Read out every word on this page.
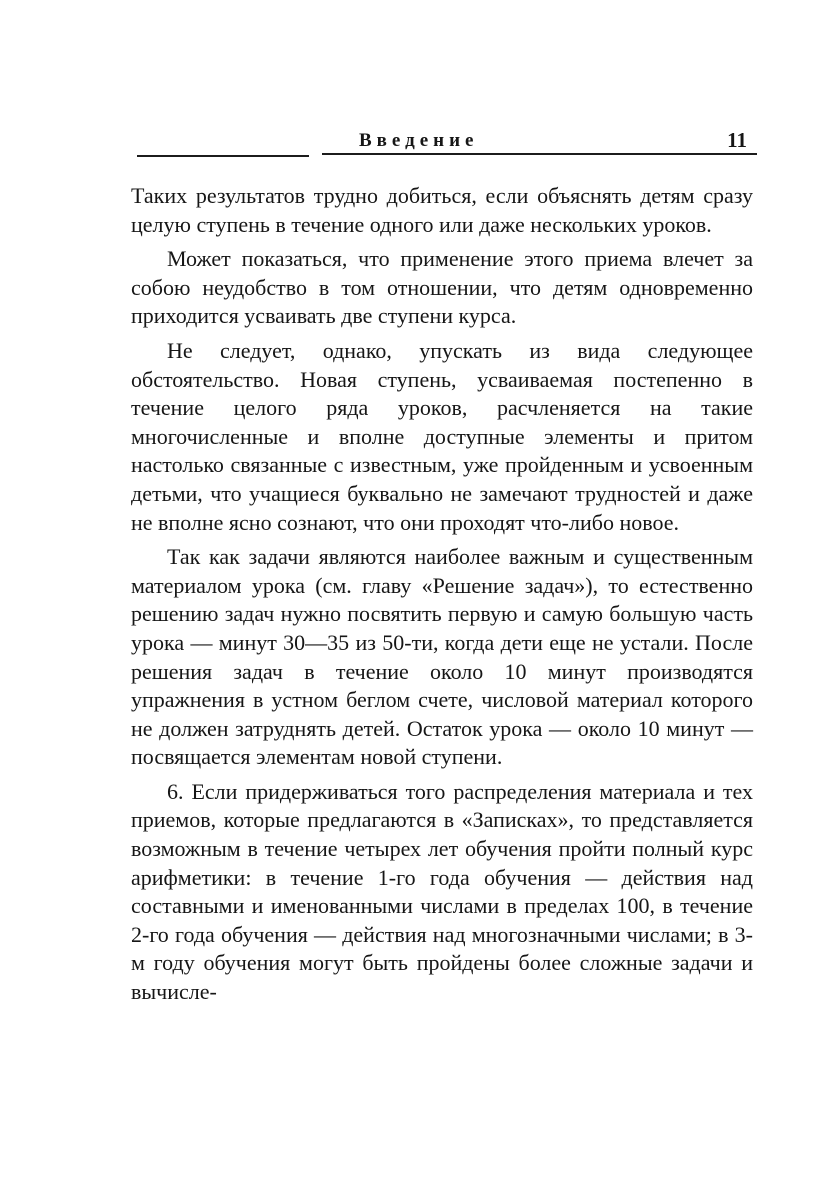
Введение	11

Таких результатов трудно добиться, если объяснять детям сразу целую ступень в течение одного или даже нескольких уроков.

Может показаться, что применение этого приема влечет за собою неудобство в том отношении, что детям одновременно приходится усваивать две ступени курса.

Не следует, однако, упускать из вида следующее обстоятельство. Новая ступень, усваиваемая постепенно в течение целого ряда уроков, расчленяется на такие многочисленные и вполне доступные элементы и притом настолько связанные с известным, уже пройденным и усвоенным детьми, что учащиеся буквально не замечают трудностей и даже не вполне ясно сознают, что они проходят что-либо новое.

Так как задачи являются наиболее важным и существенным материалом урока (см. главу «Решение задач»), то естественно решению задач нужно посвятить первую и самую большую часть урока — минут 30—35 из 50-ти, когда дети еще не устали. После решения задач в течение около 10 минут производятся упражнения в устном беглом счете, числовой материал которого не должен затруднять детей. Остаток урока — около 10 минут — посвящается элементам новой ступени.

6. Если придерживаться того распределения материала и тех приемов, которые предлагаются в «Записках», то представляется возможным в течение четырех лет обучения пройти полный курс арифметики: в течение 1-го года обучения — действия над составными и именованными числами в пределах 100, в течение 2-го года обучения — действия над многозначными числами; в 3-м году обучения могут быть пройдены более сложные задачи и вычисле-
